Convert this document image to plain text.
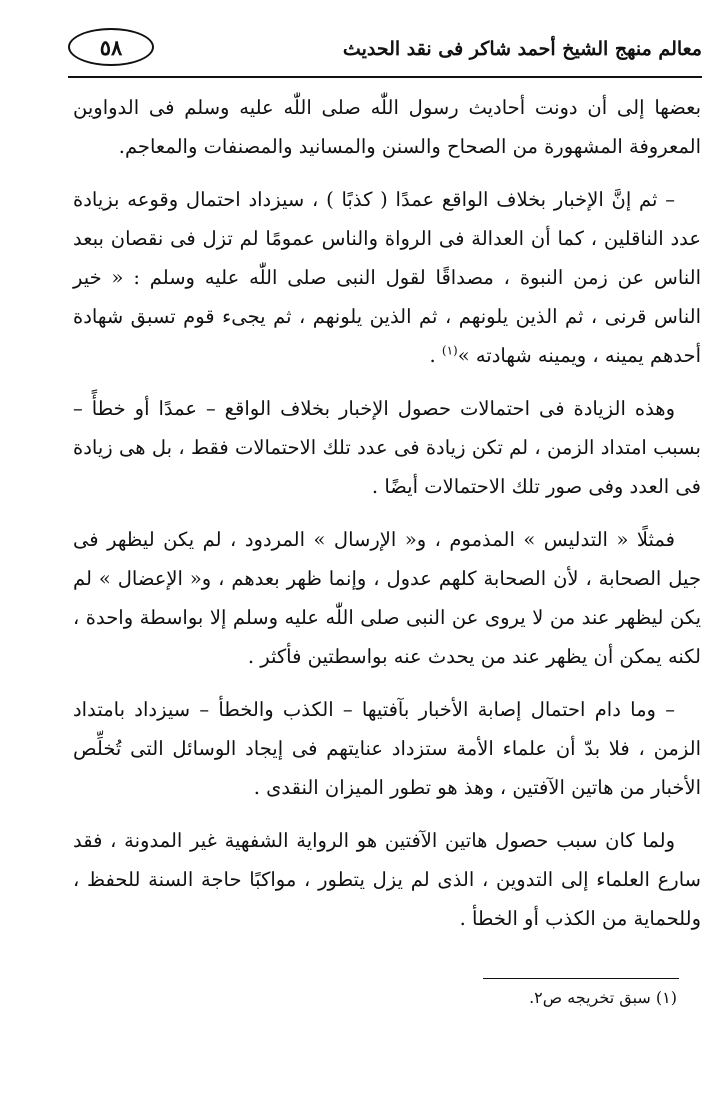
معالم منهج الشيخ أحمد شاكر فى نقد الحديث
٥٨

بعضها إلى أن دونت أحاديث رسول اللّٰه صلى اللّٰه عليه وسلم فى الدواوين المعروفة المشهورة من الصحاح والسنن والمسانيد والمصنفات والمعاجم.

– ثم إنَّ الإخبار بخلاف الواقع عمدًا ( كذبًا ) ، سيزداد احتمال وقوعه بزيادة عدد الناقلين ، كما أن العدالة فى الرواة والناس عمومًا لم تزل فى نقصان ببعد الناس عن زمن النبوة ، مصداقًا لقول النبى صلى اللّٰه عليه وسلم : « خير الناس قرنى ، ثم الذين يلونهم ، ثم الذين يلونهم ، ثم يجىء قوم تسبق شهادة أحدهم يمينه ، ويمينه شهادته »$^{(١)}$ .

وهذه الزيادة فى احتمالات حصول الإخبار بخلاف الواقع – عمدًا أو خطأً – بسبب امتداد الزمن ، لم تكن زيادة فى عدد تلك الاحتمالات فقط ، بل هى زيادة فى العدد وفى صور تلك الاحتمالات أيضًا .

فمثلًا « التدليس » المذموم ، و« الإرسال » المردود ، لم يكن ليظهر فى جيل الصحابة ، لأن الصحابة كلهم عدول ، وإنما ظهر بعدهم ، و« الإعضال » لم يكن ليظهر عند من لا يروى عن النبى صلى اللّٰه عليه وسلم إلا بواسطة واحدة ، لكنه يمكن أن يظهر عند من يحدث عنه بواسطتين فأكثر .

– وما دام احتمال إصابة الأخبار بآفتيها – الكذب والخطأ – سيزداد بامتداد الزمن ، فلا بدّ أن علماء الأمة ستزداد عنايتهم فى إيجاد الوسائل التى تُخلِّص الأخبار من هاتين الآفتين ، وهذ هو تطور الميزان النقدى .

ولما كان سبب حصول هاتين الآفتين هو الرواية الشفهية غير المدونة ، فقد سارع العلماء إلى التدوين ، الذى لم يزل يتطور ، مواكبًا حاجة السنة للحفظ ، وللحماية من الكذب أو الخطأ .

(١) سبق تخريجه ص٢.
